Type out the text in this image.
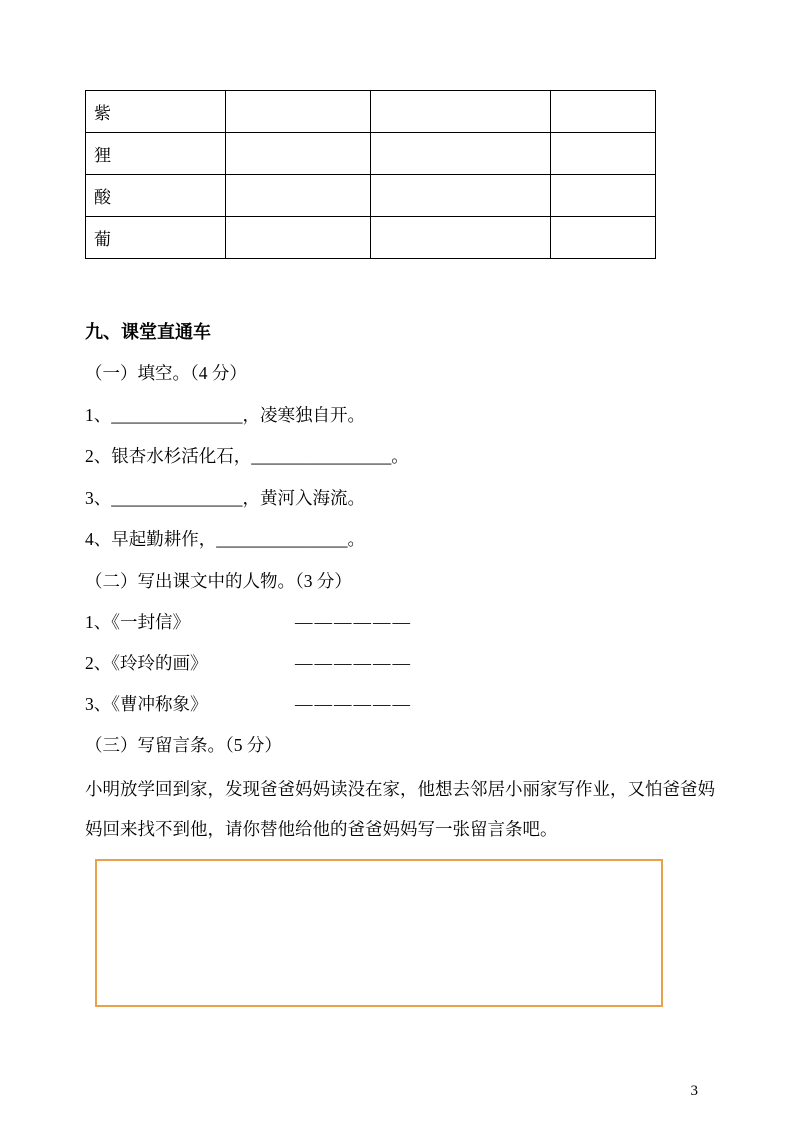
紫			
狸			
酸			
葡			
九、课堂直通车

（一）填空。（4 分）

1、_______________，凌寒独自开。

2、银杏水杉活化石，________________。

3、_______________，黄河入海流。

4、早起勤耕作，_______________。

（二）写出课文中的人物。（3 分）

1、《一封信》	——————
2、《玲玲的画》	——————
3、《曹冲称象》	——————

（三）写留言条。（5 分）

小明放学回到家，发现爸爸妈妈读没在家，他想去邻居小丽家写作业，又怕爸爸妈妈回来找不到他，请你替他给他的爸爸妈妈写一张留言条吧。

3
